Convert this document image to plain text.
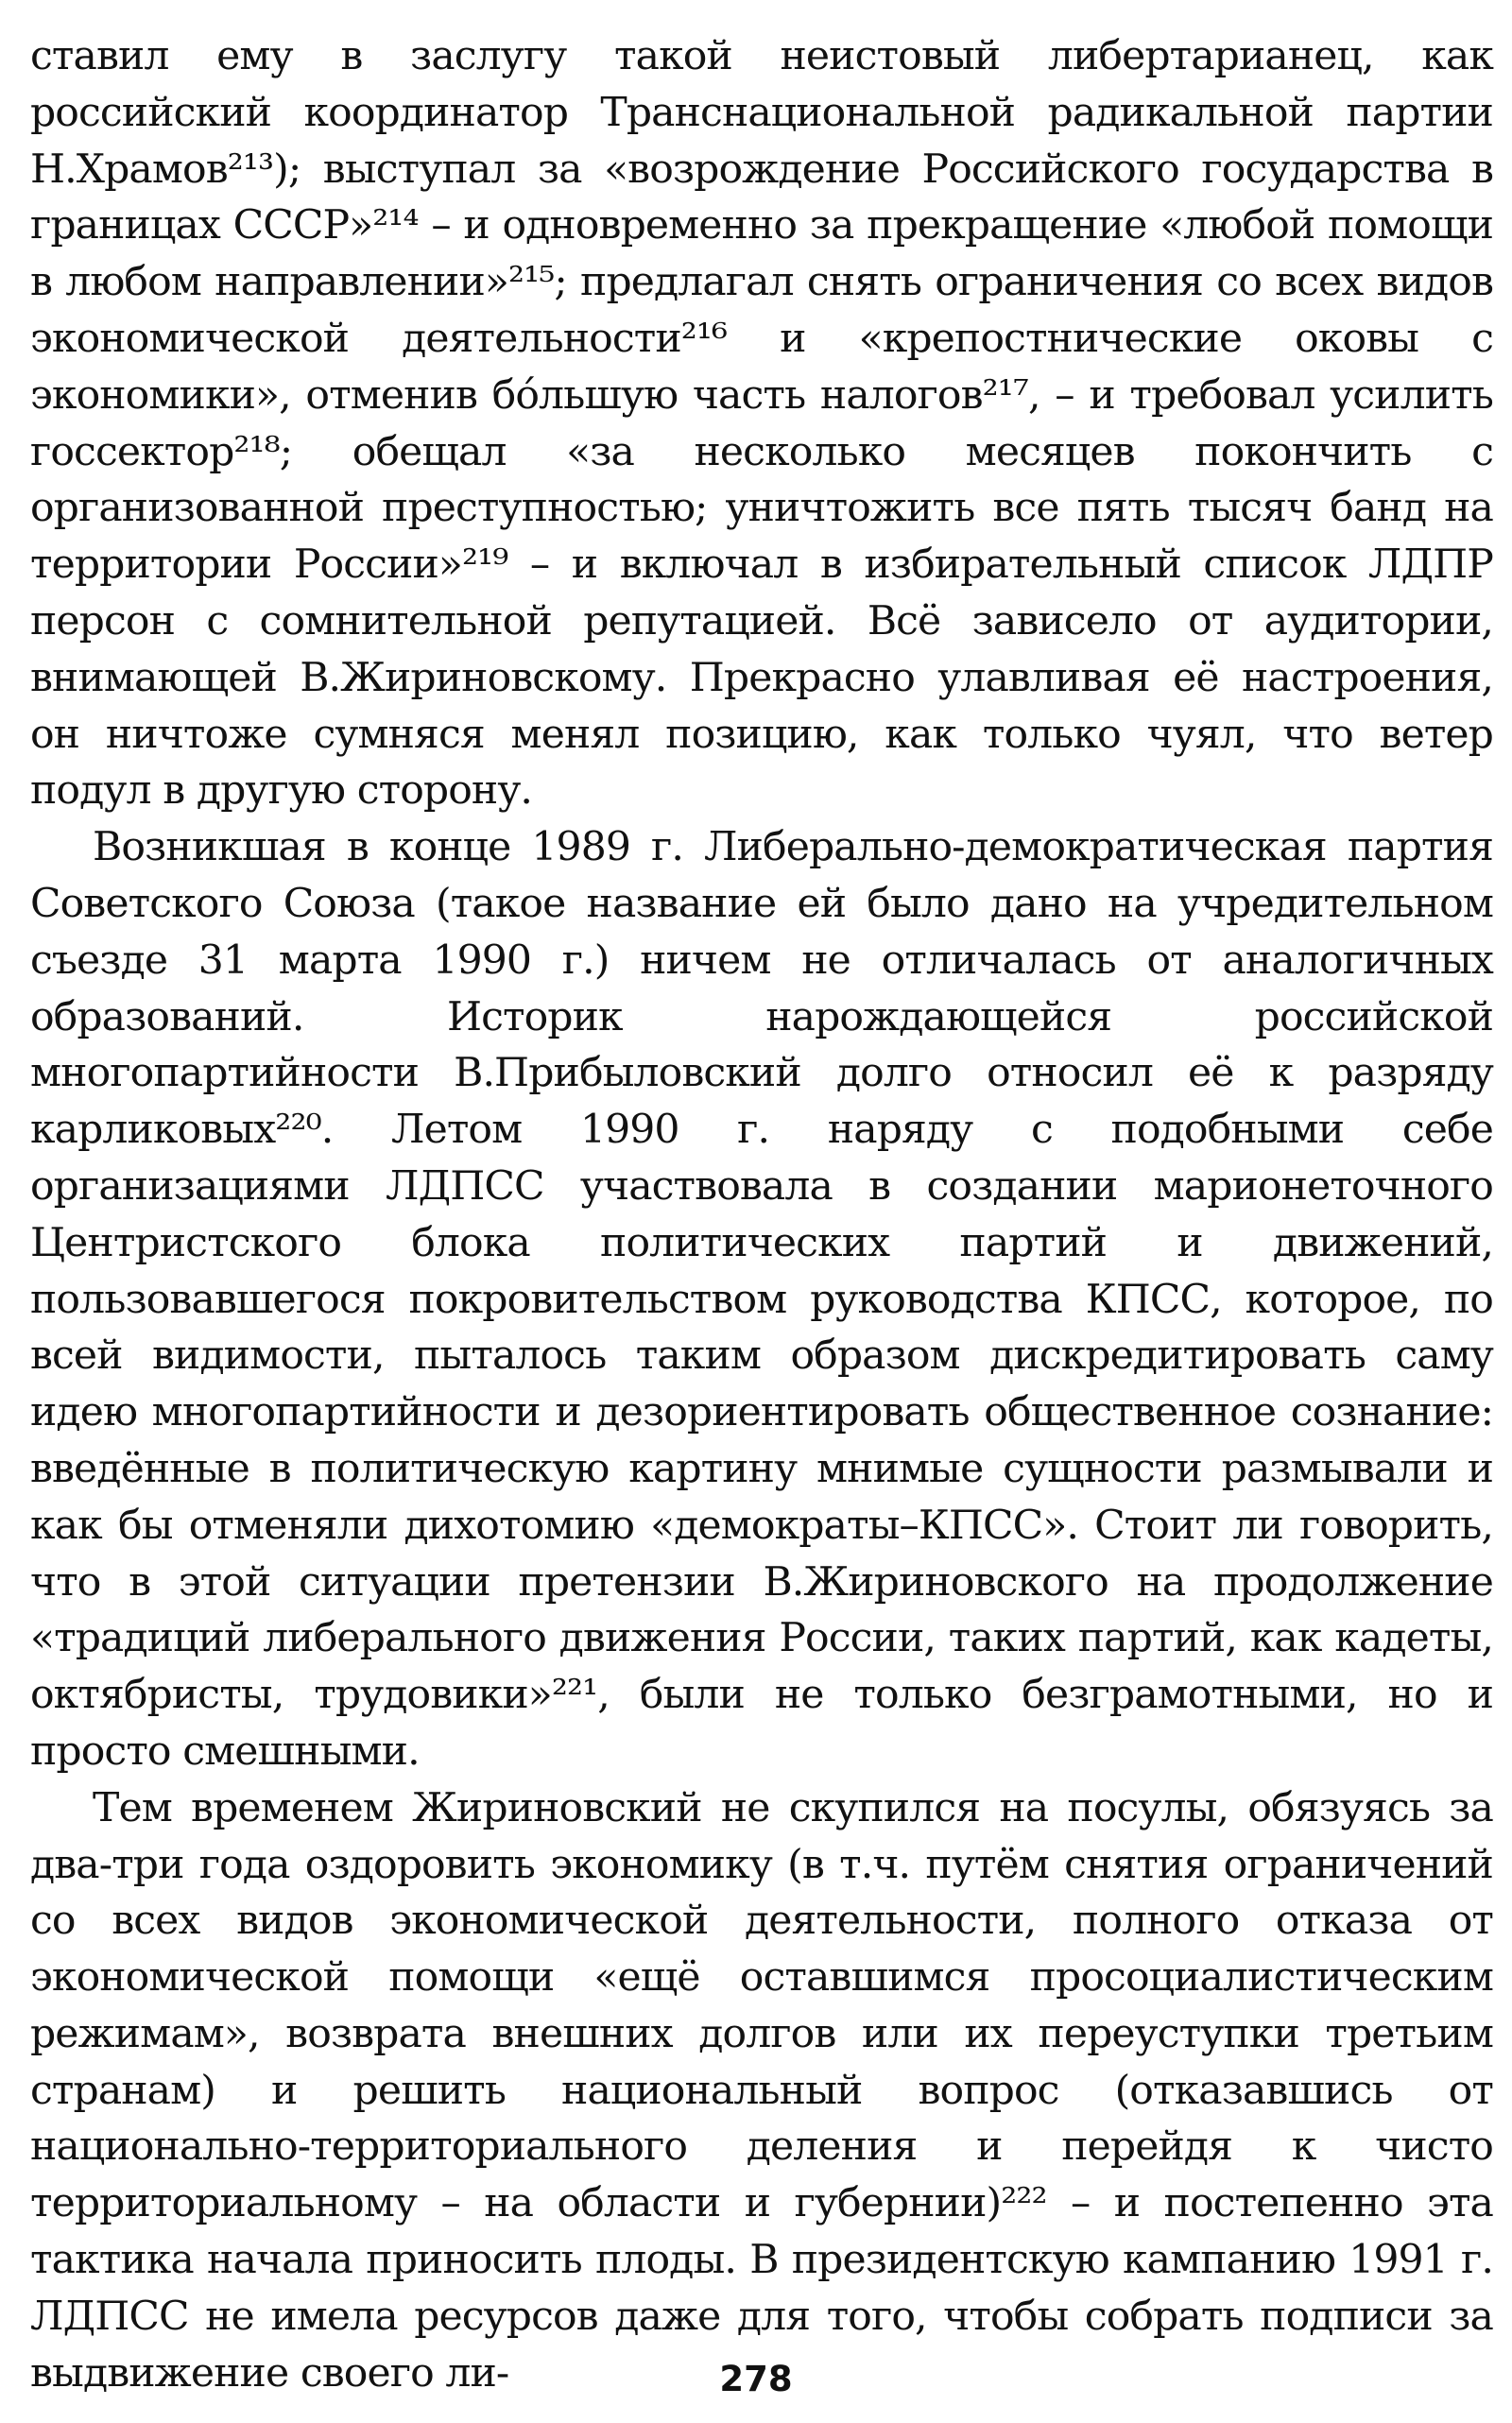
ставил ему в заслугу такой неистовый либертарианец, как российский координатор Транснациональной радикальной партии Н.Храмов²¹³); выступал за «возрождение Российского государства в границах СССР»²¹⁴ – и одновременно за прекращение «любой помощи в любом направлении»²¹⁵; предлагал снять ограничения со всех видов экономической деятельности²¹⁶ и «крепостнические оковы с экономики», отменив бóльшую часть налогов²¹⁷, – и требовал усилить госсектор²¹⁸; обещал «за несколько месяцев покончить с организованной преступностью; уничтожить все пять тысяч банд на территории России»²¹⁹ – и включал в избирательный список ЛДПР персон с сомнительной репутацией. Всё зависело от аудитории, внимающей В.Жириновскому. Прекрасно улавливая её настроения, он ничтоже сумняся менял позицию, как только чуял, что ветер подул в другую сторону.

Возникшая в конце 1989 г. Либерально-демократическая партия Советского Союза (такое название ей было дано на учредительном съезде 31 марта 1990 г.) ничем не отличалась от аналогичных образований. Историк нарождающейся российской многопартийности В.Прибыловский долго относил её к разряду карликовых²²⁰. Летом 1990 г. наряду с подобными себе организациями ЛДПСС участвовала в создании марионеточного Центристского блока политических партий и движений, пользовавшегося покровительством руководства КПСС, которое, по всей видимости, пыталось таким образом дискредитировать саму идею многопартийности и дезориентировать общественное сознание: введённые в политическую картину мнимые сущности размывали и как бы отменяли дихотомию «демократы–КПСС». Стоит ли говорить, что в этой ситуации претензии В.Жириновского на продолжение «традиций либерального движения России, таких партий, как кадеты, октябристы, трудовики»²²¹, были не только безграмотными, но и просто смешными.

Тем временем Жириновский не скупился на посулы, обязуясь за два-три года оздоровить экономику (в т.ч. путём снятия ограничений со всех видов экономической деятельности, полного отказа от экономической помощи «ещё оставшимся просоциалистическим режимам», возврата внешних долгов или их переуступки третьим странам) и решить национальный вопрос (отказавшись от национально-территориального деления и перейдя к чисто территориальному – на области и губернии)²²² – и постепенно эта тактика начала приносить плоды. В президентскую кампанию 1991 г. ЛДПСС не имела ресурсов даже для того, чтобы собрать подписи за выдвижение своего ли-	278
